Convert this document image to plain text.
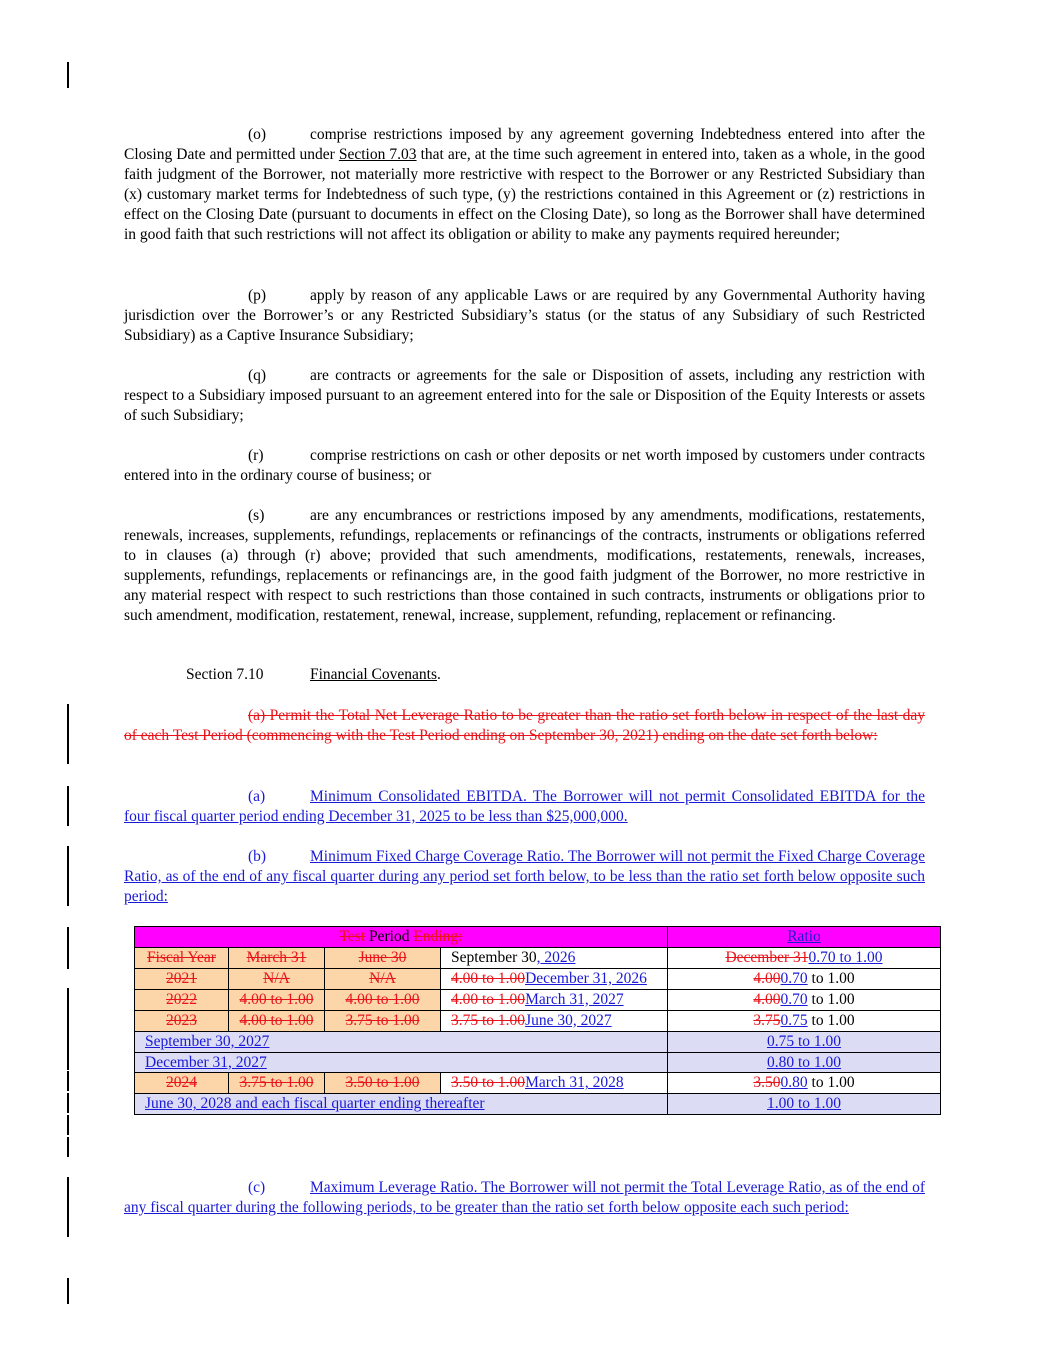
(o)	comprise restrictions imposed by any agreement governing Indebtedness entered into after the Closing Date and permitted under Section 7.03 that are, at the time such agreement in entered into, taken as a whole, in the good faith judgment of the Borrower, not materially more restrictive with respect to the Borrower or any Restricted Subsidiary than (x) customary market terms for Indebtedness of such type, (y) the restrictions contained in this Agreement or (z) restrictions in effect on the Closing Date (pursuant to documents in effect on the Closing Date), so long as the Borrower shall have determined in good faith that such restrictions will not affect its obligation or ability to make any payments required hereunder;

(p)	apply by reason of any applicable Laws or are required by any Governmental Authority having jurisdiction over the Borrower’s or any Restricted Subsidiary’s status (or the status of any Subsidiary of such Restricted Subsidiary) as a Captive Insurance Subsidiary;

(q)	are contracts or agreements for the sale or Disposition of assets, including any restriction with respect to a Subsidiary imposed pursuant to an agreement entered into for the sale or Disposition of the Equity Interests or assets of such Subsidiary;

(r)	comprise restrictions on cash or other deposits or net worth imposed by customers under contracts entered into in the ordinary course of business; or

(s)	are any encumbrances or restrictions imposed by any amendments, modifications, restatements, renewals, increases, supplements, refundings, replacements or refinancings of the contracts, instruments or obligations referred to in clauses (a) through (r) above; provided that such amendments, modifications, restatements, renewals, increases, supplements, refundings, replacements or refinancings are, in the good faith judgment of the Borrower, no more restrictive in any material respect with respect to such restrictions than those contained in such contracts, instruments or obligations prior to such amendment, modification, restatement, renewal, increase, supplement, refunding, replacement or refinancing.

Section 7.10	Financial Covenants.

(a) Permit the Total Net Leverage Ratio to be greater than the ratio set forth below in respect of the last day of each Test Period (commencing with the Test Period ending on September 30, 2021) ending on the date set forth below:

(a)	Minimum Consolidated EBITDA. The Borrower will not permit Consolidated EBITDA for the four fiscal quarter period ending December 31, 2025 to be less than $25,000,000.

(b)	Minimum Fixed Charge Coverage Ratio. The Borrower will not permit the Fixed Charge Coverage Ratio, as of the end of any fiscal quarter during any period set forth below, to be less than the ratio set forth below opposite such period:

Test Period Ending:				Ratio
Fiscal Year	March 31	June 30	September 30, 2026	December 310.70 to 1.00
2021	N/A	N/A	4.00 to 1.00December 31, 2026	4.000.70 to 1.00
2022	4.00 to 1.00	4.00 to 1.00	4.00 to 1.00March 31, 2027	4.000.70 to 1.00
2023	4.00 to 1.00	3.75 to 1.00	3.75 to 1.00June 30, 2027	3.750.75 to 1.00
September 30, 2027				0.75 to 1.00
December 31, 2027				0.80 to 1.00
2024	3.75 to 1.00	3.50 to 1.00	3.50 to 1.00March 31, 2028	3.500.80 to 1.00
June 30, 2028 and each fiscal quarter ending thereafter				1.00 to 1.00

(c)	Maximum Leverage Ratio. The Borrower will not permit the Total Leverage Ratio, as of the end of any fiscal quarter during the following periods, to be greater than the ratio set forth below opposite each such period:
